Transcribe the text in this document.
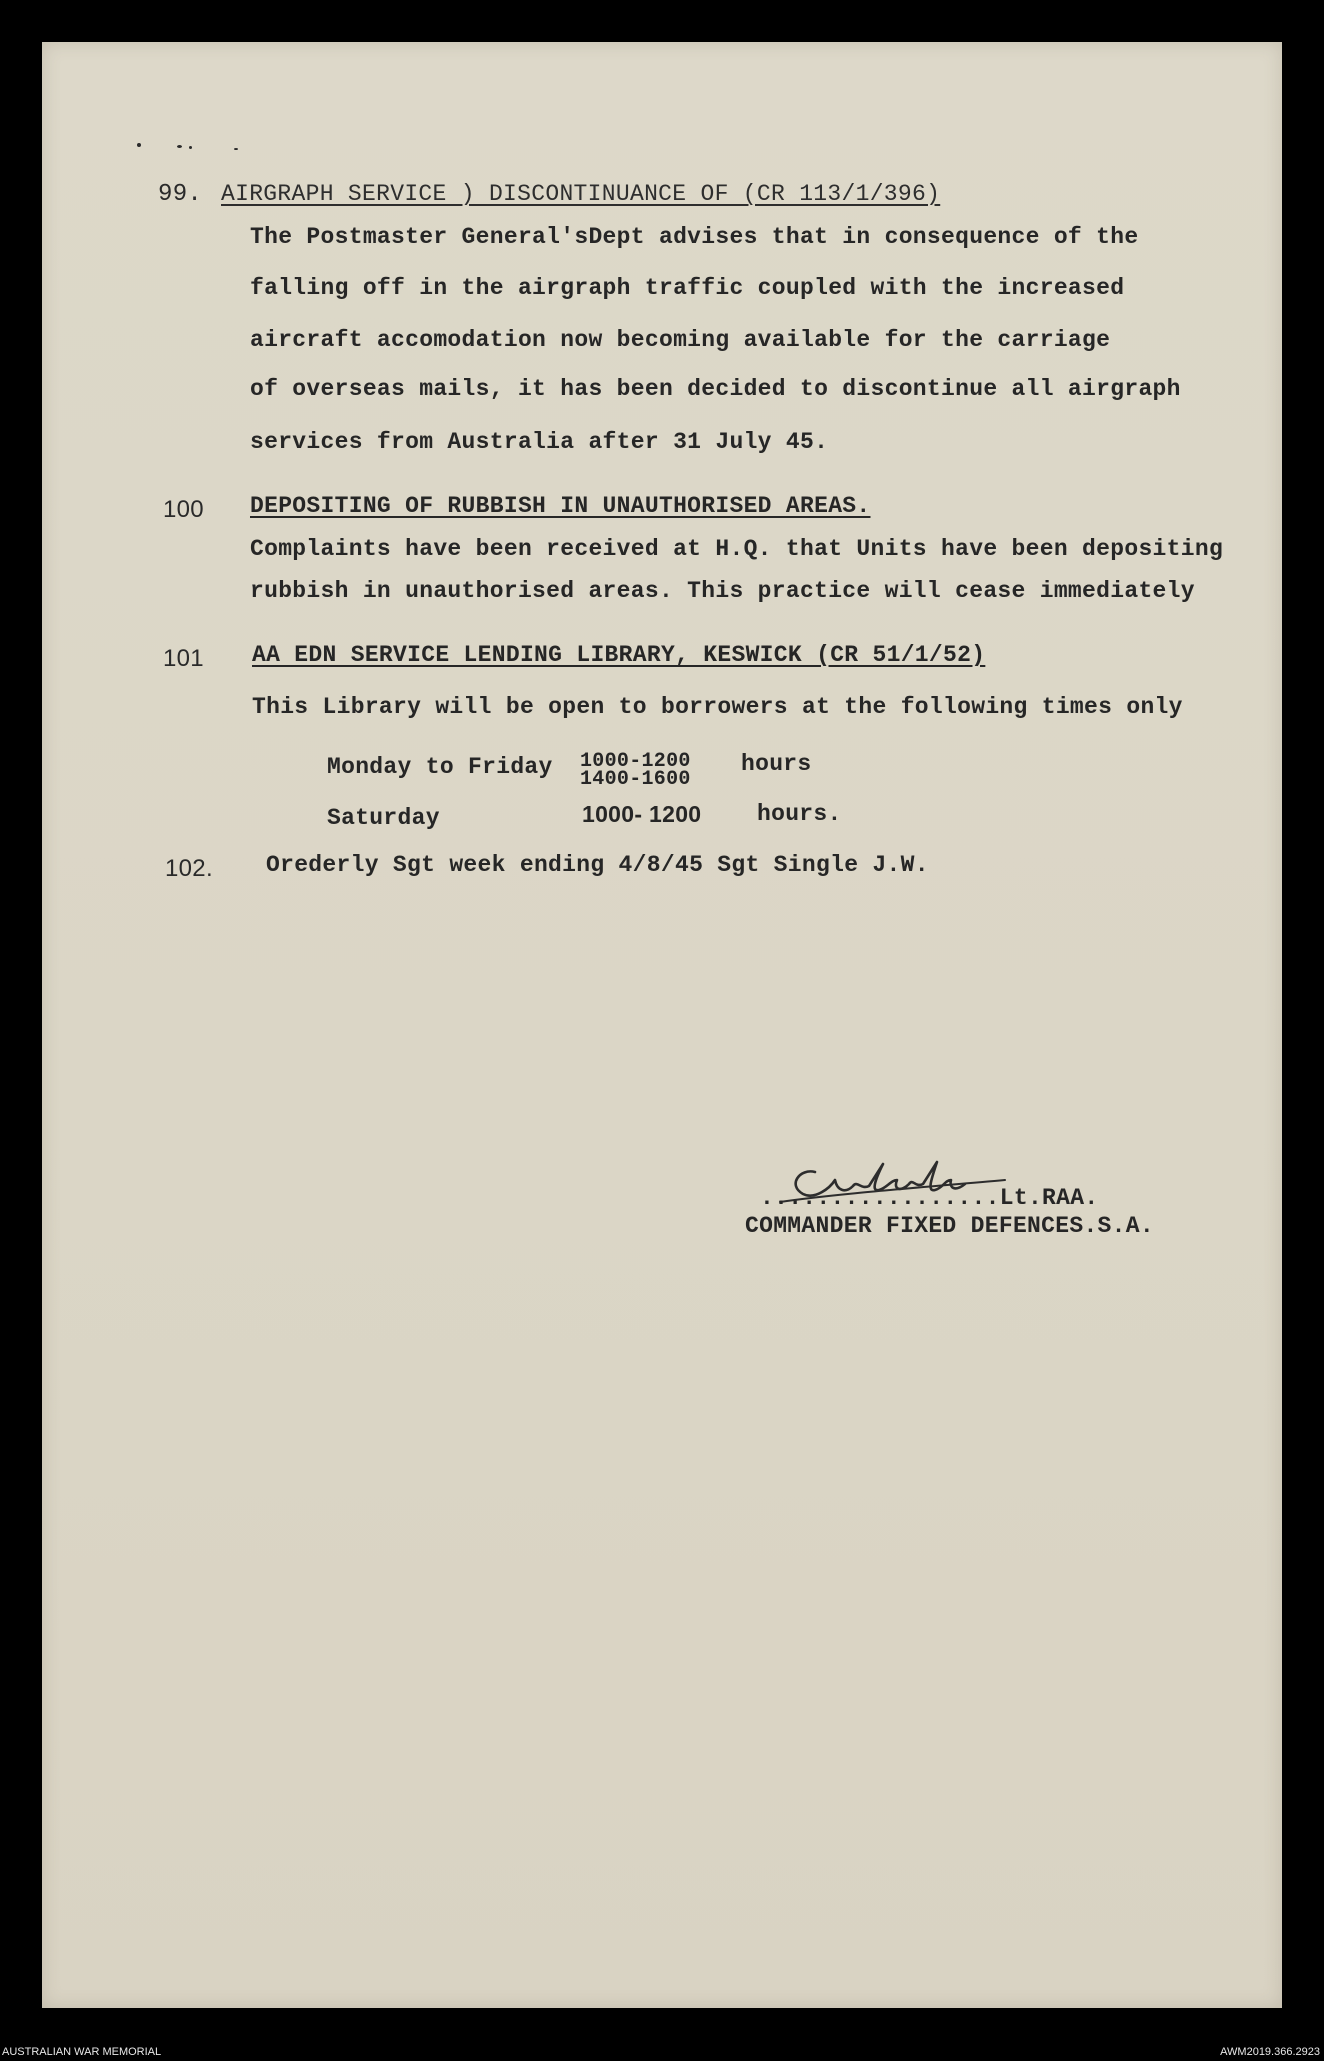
99. AIRGRAPH SERVICE ) DISCONTINUANCE OF (CR 113/1/396)
The Postmaster General'sDept advises that in consequence of the
falling off in the airgraph traffic coupled with the increased
aircraft accomodation now becoming available for the carriage
of overseas mails, it has been decided to discontinue all airgraph
services from Australia after 31 July 45.
100 DEPOSITING OF RUBBISH IN UNAUTHORISED AREAS.
Complaints have been received at H.Q. that Units have been depositing
rubbish in unauthorised areas. This practice will cease immediately
101 AA EDN SERVICE LENDING LIBRARY, KESWICK (CR 51/1/52)
This Library will be open to borrowers at the following times only
Monday to Friday 1000-1200
1400-1600
hours
Saturday	1000- 1200 hours.
102. Orederly Sgt week ending 4/8/45 Sgt Single J.W.
.................Lt.RAA.
COMMANDER FIXED DEFENCES.S.A.
AUSTRALIAN WAR MEMORIAL	AWM2019.366.2923
